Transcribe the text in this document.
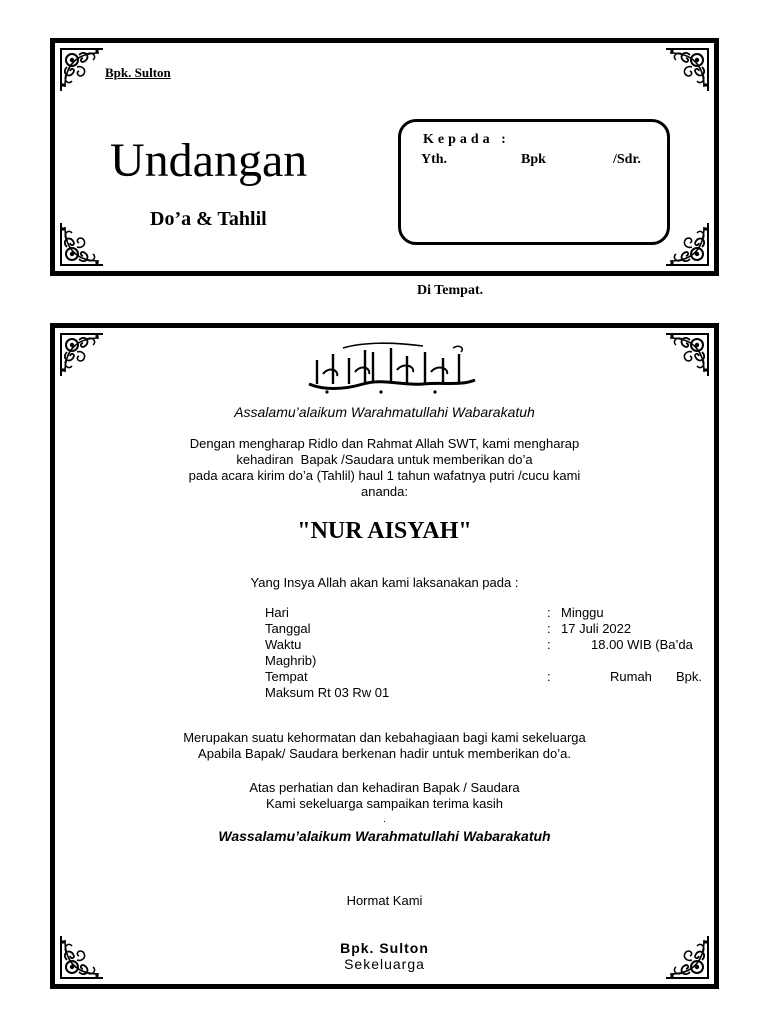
Bpk. Sulton
Undangan
Do’a & Tahlil
Kepada :
Yth.	Bpk	/Sdr.
Di Tempat.
Assalamu’alaikum Warahmatullahi Wabarakatuh
Dengan mengharap Ridlo dan Rahmat Allah SWT, kami mengharap
kehadiran  Bapak /Saudara untuk memberikan do’a
pada acara kirim do’a (Tahlil) haul 1 tahun wafatnya putri /cucu kami
ananda:
"NUR AISYAH"
Yang Insya Allah akan kami laksanakan pada :
Hari
Tanggal
Waktu
Tempat
:
:
:
:
Minggu
17 Juli 2022
18.00 WIB (Ba’da
Maghrib)
Rumah Bpk.
Maksum Rt 03 Rw 01
Merupakan suatu kehormatan dan kebahagiaan bagi kami sekeluarga
Apabila Bapak/ Saudara berkenan hadir untuk memberikan do’a.
Atas perhatian dan kehadiran Bapak / Saudara
Kami sekeluarga sampaikan terima kasih
.
Wassalamu’alaikum Warahmatullahi Wabarakatuh
Hormat Kami
Bpk. Sulton
Sekeluarga
